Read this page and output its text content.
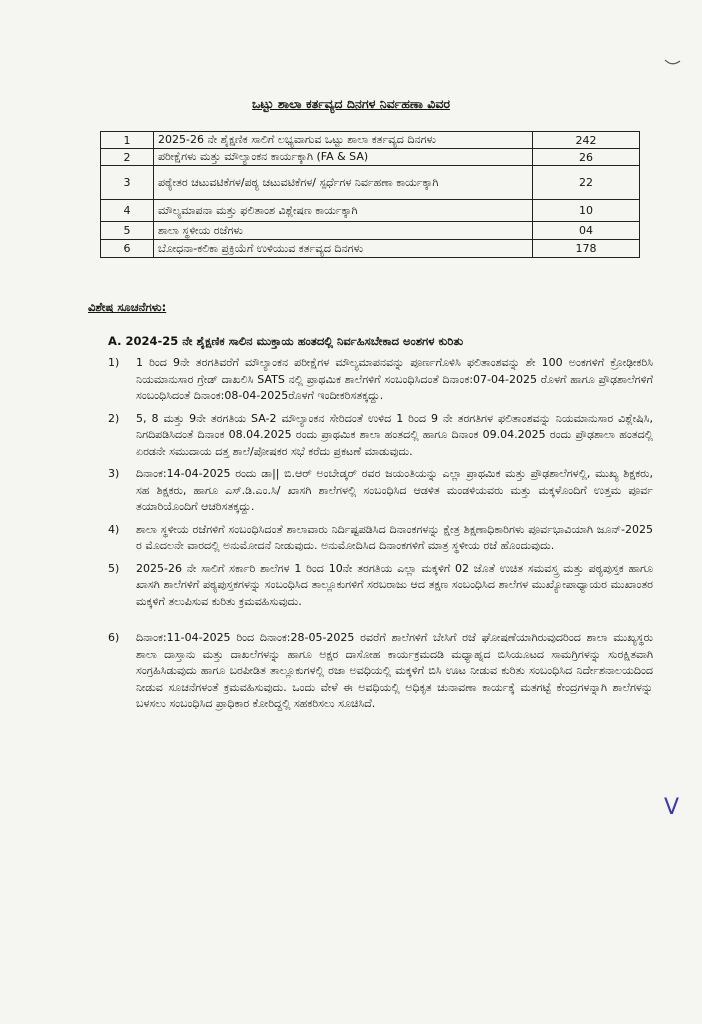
ಒಟ್ಟು ಶಾಲಾ ಕರ್ತವ್ಯದ ದಿನಗಳ ನಿರ್ವಹಣಾ ವಿವರ
1	2025-26 ನೇ ಶೈಕ್ಷಣಿಕ ಸಾಲಿಗೆ ಲಭ್ಯವಾಗುವ ಒಟ್ಟು ಶಾಲಾ ಕರ್ತವ್ಯದ ದಿನಗಳು	242
2	ಪರೀಕ್ಷೆಗಳು ಮತ್ತು ಮೌಲ್ಯಾಂಕನ ಕಾರ್ಯಕ್ಕಾಗಿ (FA & SA)	26
3	ಪಠ್ಯೇತರ ಚಟುವಟಿಕೆಗಳ/ಪಠ್ಯ ಚಟುವಟಿಕೆಗಳ/ ಸ್ಪರ್ಧೆಗಳ ನಿರ್ವಹಣಾ ಕಾರ್ಯಕ್ಕಾಗಿ	22
4	ಮೌಲ್ಯಮಾಪನಾ ಮತ್ತು ಫಲಿತಾಂಶ ವಿಶ್ಲೇಷಣ ಕಾರ್ಯಕ್ಕಾಗಿ	10
5	ಶಾಲಾ ಸ್ಥಳೀಯ ರಜೆಗಳು	04
6	ಬೋಧನಾ-ಕಲಿಕಾ ಪ್ರಕ್ರಿಯೆಗೆ ಉಳಿಯುವ ಕರ್ತವ್ಯದ ದಿನಗಳು	178
ವಿಶೇಷ ಸೂಚನೆಗಳು:
A. 2024-25 ನೇ ಶೈಕ್ಷಣಿಕ ಸಾಲಿನ ಮುಕ್ತಾಯ ಹಂತದಲ್ಲಿ ನಿರ್ವಹಿಸಬೇಕಾದ ಅಂಶಗಳ ಕುರಿತು
1)	1 ರಿಂದ 9ನೇ ತರಗತಿವರೆಗೆ ಮೌಲ್ಯಾಂಕನ ಪರೀಕ್ಷೆಗಳ ಮೌಲ್ಯಮಾಪನವನ್ನು ಪೂರ್ಣಗೊಳಿಸಿ ಫಲಿತಾಂಶವನ್ನು ಶೇ 100 ಅಂಕಗಳಿಗೆ ಕ್ರೋಢೀಕರಿಸಿ ನಿಯಮಾನುಸಾರ ಗ್ರೇಡ್ ದಾಖಲಿಸಿ SATS ನಲ್ಲಿ ಪ್ರಾಥಮಿಕ ಶಾಲೆಗಳಿಗೆ ಸಂಬಂಧಿಸಿದಂತೆ ದಿನಾಂಕ:07-04-2025 ರೊಳಗೆ ಹಾಗೂ ಪ್ರೌಢಶಾಲೆಗಳಿಗೆ ಸಂಬಂಧಿಸಿದಂತೆ ದಿನಾಂಕ:08-04-2025ರೊಳಗೆ ಇಂದೀಕರಿಸತಕ್ಕದ್ದು.
2)	5, 8 ಮತ್ತು 9ನೇ ತರಗತಿಯ SA-2 ಮೌಲ್ಯಾಂಕನ ಸೇರಿದಂತೆ ಉಳಿದ 1 ರಿಂದ 9 ನೇ ತರಗತಿಗಳ ಫಲಿತಾಂಶವನ್ನು ನಿಯಮಾನುಸಾರ ವಿಶ್ಲೇಷಿಸಿ, ನಿಗದಿಪಡಿಸಿದಂತೆ ದಿನಾಂಕ 08.04.2025 ರಂದು ಪ್ರಾಥಮಿಕ ಶಾಲಾ ಹಂತದಲ್ಲಿ ಹಾಗೂ ದಿನಾಂಕ 09.04.2025 ರಂದು ಪ್ರೌಢಶಾಲಾ ಹಂತದಲ್ಲಿ ಏರಡನೇ ಸಮುದಾಯ ದತ್ತ ಶಾಲೆ/ಪೋಷಕರ ಸಭೆ ಕರೆದು ಪ್ರಕಟಣೆ ಮಾಡುವುದು.
3)	ದಿನಾಂಕ:14-04-2025 ರಂದು ಡಾ|| ಬಿ.ಆರ್ ಅಂಬೇಡ್ಕರ್ ರವರ ಜಯಂತಿಯನ್ನು ಎಲ್ಲಾ ಪ್ರಾಥಮಿಕ ಮತ್ತು ಪ್ರೌಢಶಾಲೆಗಳಲ್ಲಿ, ಮುಖ್ಯ ಶಿಕ್ಷಕರು, ಸಹ ಶಿಕ್ಷಕರು, ಹಾಗೂ ಎಸ್.ಡಿ.ಎಂ.ಸಿ/ ಖಾಸಗಿ ಶಾಲೆಗಳಲ್ಲಿ ಸಂಬಂಧಿಸಿದ ಆಡಳಿತ ಮಂಡಳಿಯವರು ಮತ್ತು ಮಕ್ಕಳೊಂದಿಗೆ ಉತ್ತಮ ಪೂರ್ವ ತಯಾರಿಯೊಂದಿಗೆ ಆಚರಿಸತಕ್ಕದ್ದು.
4)	ಶಾಲಾ ಸ್ಥಳೀಯ ರಜೆಗಳಿಗೆ ಸಂಬಂಧಿಸಿದಂತೆ ಶಾಲಾವಾರು ನಿರ್ದಿಷ್ಟಪಡಿಸಿದ ದಿನಾಂಕಗಳನ್ನು ಕ್ಷೇತ್ರ ಶಿಕ್ಷಣಾಧಿಕಾರಿಗಳು ಪೂರ್ವಭಾವಿಯಾಗಿ ಜೂನ್-2025 ರ ಮೊದಲನೇ ವಾರದಲ್ಲಿ ಅನುಮೋದನೆ ನೀಡುವುದು. ಅನುಮೋದಿಸಿದ ದಿನಾಂಕಗಳಿಗೆ ಮಾತ್ರ ಸ್ಥಳೀಯ ರಜೆ ಹೊಂದುವುದು.
5)	2025-26 ನೇ ಸಾಲಿಗೆ ಸರ್ಕಾರಿ ಶಾಲೆಗಳ 1 ರಿಂದ 10ನೇ ತರಗತಿಯ ಎಲ್ಲಾ ಮಕ್ಕಳಿಗೆ 02 ಜೊತೆ ಉಚಿತ ಸಮವಸ್ತ್ರ ಮತ್ತು ಪಠ್ಯಪುಸ್ತಕ ಹಾಗೂ ಖಾಸಗಿ ಶಾಲೆಗಳಿಗೆ ಪಠ್ಯಪುಸ್ತಕಗಳನ್ನು ಸಂಬಂಧಿಸಿದ ತಾಲ್ಲೂಕುಗಳಿಗೆ ಸರಬರಾಜು ಆದ ತಕ್ಷಣ ಸಂಬಂಧಿಸಿದ ಶಾಲೆಗಳ ಮುಖ್ಯೋಪಾಧ್ಯಾಯರ ಮುಖಾಂತರ ಮಕ್ಕಳಿಗೆ ತಲುಪಿಸುವ ಕುರಿತು ಕ್ರಮವಹಿಸುವುದು.
6)	ದಿನಾಂಕ:11-04-2025 ರಿಂದ ದಿನಾಂಕ:28-05-2025 ರವರೆಗೆ ಶಾಲೆಗಳಿಗೆ ಬೇಸಿಗೆ ರಜೆ ಘೋಷಣೆಯಾಗಿರುವುದರಿಂದ ಶಾಲಾ ಮುಖ್ಯಸ್ಥರು ಶಾಲಾ ದಾಸ್ತಾನು ಮತ್ತು ದಾಖಲೆಗಳನ್ನು ಹಾಗೂ ಅಕ್ಷರ ದಾಸೋಹ ಕಾರ್ಯಕ್ರಮದಡಿ ಮಧ್ಯಾಹ್ನದ ಬಿಸಿಯೂಟದ ಸಾಮಗ್ರಿಗಳನ್ನು ಸುರಕ್ಷಿತವಾಗಿ ಸಂಗ್ರಹಿಸಿಡುವುದು ಹಾಗೂ ಬರಪೀಡಿತ ತಾಲ್ಲೂಕುಗಳಲ್ಲಿ ರಜಾ ಅವಧಿಯಲ್ಲಿ ಮಕ್ಕಳಿಗೆ ಬಿಸಿ ಊಟ ನೀಡುವ ಕುರಿತು ಸಂಬಂಧಿಸಿದ ನಿರ್ದೇಶನಾಲಯದಿಂದ ನೀಡುವ ಸೂಚನೆಗಳಂತೆ ಕ್ರಮವಹಿಸುವುದು. ಒಂದು ವೇಳೆ ಈ ಅವಧಿಯಲ್ಲಿ ಅಧಿಕೃತ ಚುನಾವಣಾ ಕಾರ್ಯಕ್ಕೆ ಮತಗಟ್ಟೆ ಕೇಂದ್ರಗಳನ್ನಾಗಿ ಶಾಲೆಗಳನ್ನು ಬಳಸಲು ಸಂಬಂಧಿಸಿದ ಪ್ರಾಧಿಕಾರ ಕೋರಿದ್ದಲ್ಲಿ ಸಹಕರಿಸಲು ಸೂಚಿಸಿದೆ.
V
